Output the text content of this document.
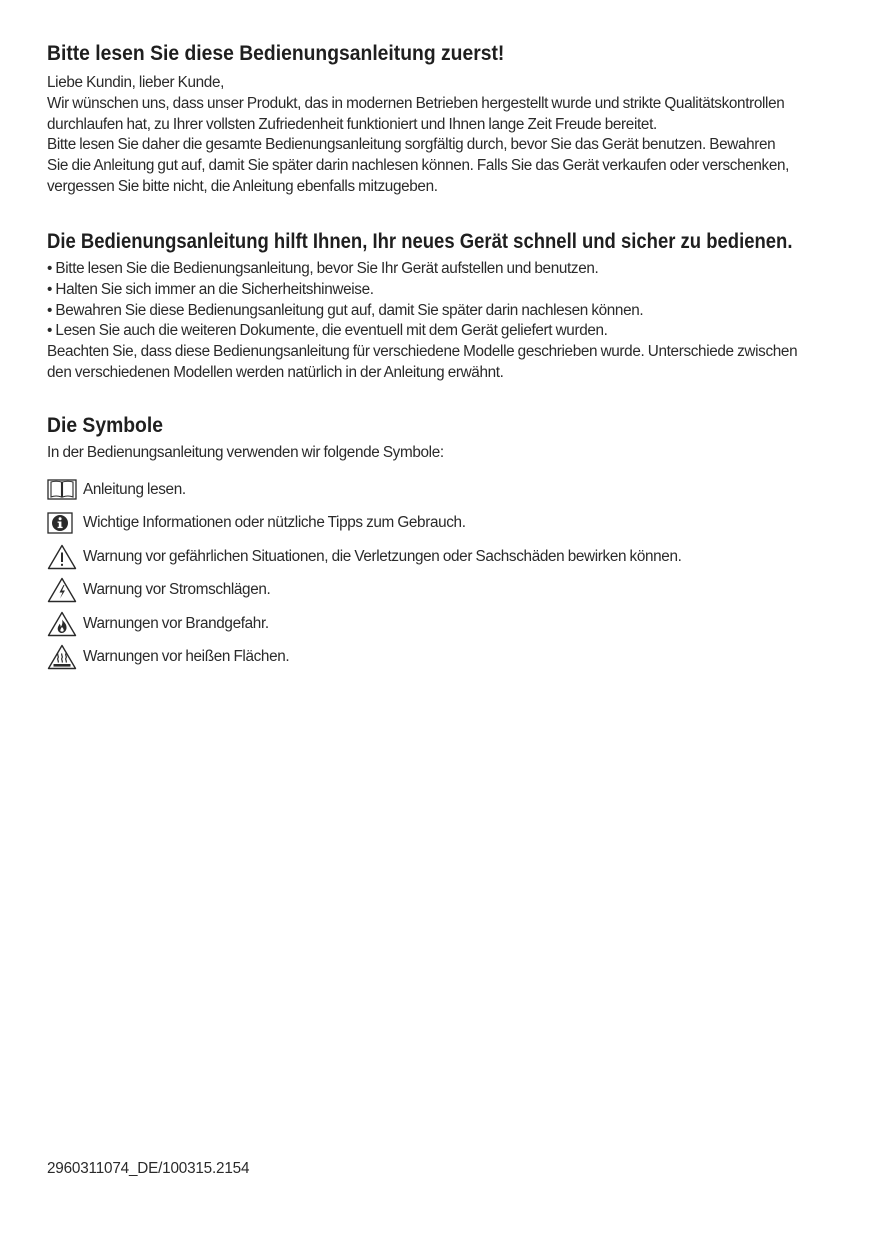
Bitte lesen Sie diese Bedienungsanleitung zuerst!

Liebe Kundin, lieber Kunde,
Wir wünschen uns, dass unser Produkt, das in modernen Betrieben hergestellt wurde und strikte Qualitätskontrollen
durchlaufen hat, zu Ihrer vollsten Zufriedenheit funktioniert und Ihnen lange Zeit Freude bereitet.
Bitte lesen Sie daher die gesamte Bedienungsanleitung sorgfältig durch, bevor Sie das Gerät benutzen. Bewahren
Sie die Anleitung gut auf, damit Sie später darin nachlesen können. Falls Sie das Gerät verkaufen oder verschenken,
vergessen Sie bitte nicht, die Anleitung ebenfalls mitzugeben.

Die Bedienungsanleitung hilft Ihnen, Ihr neues Gerät schnell und sicher zu bedienen.

• Bitte lesen Sie die Bedienungsanleitung, bevor Sie Ihr Gerät aufstellen und benutzen.
• Halten Sie sich immer an die Sicherheitshinweise.
• Bewahren Sie diese Bedienungsanleitung gut auf, damit Sie später darin nachlesen können.
• Lesen Sie auch die weiteren Dokumente, die eventuell mit dem Gerät geliefert wurden.
Beachten Sie, dass diese Bedienungsanleitung für verschiedene Modelle geschrieben wurde. Unterschiede zwischen
den verschiedenen Modellen werden natürlich in der Anleitung erwähnt.

Die Symbole

In der Bedienungsanleitung verwenden wir folgende Symbole:

Anleitung lesen.
Wichtige Informationen oder nützliche Tipps zum Gebrauch.
Warnung vor gefährlichen Situationen, die Verletzungen oder Sachschäden bewirken können.
Warnung vor Stromschlägen.
Warnungen vor Brandgefahr.
Warnungen vor heißen Flächen.
2960311074_DE/100315.2154
